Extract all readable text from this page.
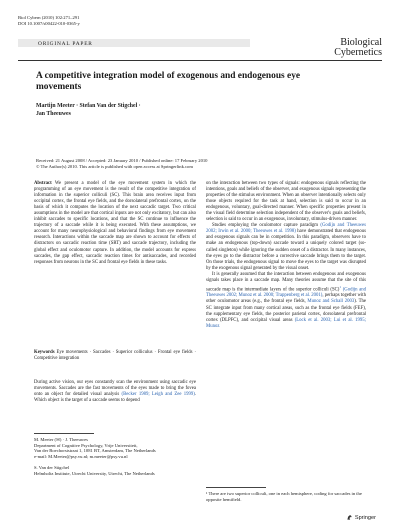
Biol Cybern (2010) 102:271–291
DOI 10.1007/s00422-010-0365-y
ORIGINAL PAPER	Biological
Cybernetics
A competitive integration model of exogenous and endogenous eye
movements
Martijn Meeter · Stefan Van der Stigchel ·
Jan Theeuwes
Received: 21 August 2008 / Accepted: 23 January 2010 / Published online: 17 February 2010
© The Author(s) 2010. This article is published with open access at Springerlink.com

Abstract We present a model of the eye movement system in which the programming of an eye movement is the result of the competitive integration of information in the superior colliculi (SC). This brain area receives input from occipital cortex, the frontal eye fields, and the dorsolateral prefrontal cortex, on the basis of which it computes the location of the next saccadic target. Two critical assumptions in the model are that cortical inputs are not only excitatory, but can also inhibit saccades to specific locations, and that the SC continue to influence the trajectory of a saccade while it is being executed. With these assumptions, we account for many neurophysiological and behavioral findings from eye movement research. Interactions within the saccade map are shown to account for effects of distractors on saccadic reaction time (SRT) and saccade trajectory, including the global effect and oculomotor capture. In addition, the model accounts for express saccades, the gap effect, saccadic reaction times for antisaccades, and recorded responses from neurons in the SC and frontal eye fields in these tasks.

Keywords Eye movements · Saccades · Superior colliculus · Frontal eye fields · Competitive integration

During active vision, our eyes constantly scan the environment using saccadic eye movements. Saccades are the fast movements of the eyes made to bring the fovea onto an object for detailed visual analysis (Becker 1989; Leigh and Zee 1999). Which object is the target of a saccade seems to depend

M. Meeter (✉) · J. Theeuwes
Department of Cognitive Psychology, Vrije Universiteit,
Van der Boechorststraat 1, 1081 BT, Amsterdam, The Netherlands
e-mail: M.Meeter@psy.vu.nl; m.meeter@psy.vu.nl
S. Van der Stigchel
Helmholtz Institute, Utrecht University, Utrecht, The Netherlands

on the interaction between two types of signals: endogenous signals reflecting the intentions, goals and beliefs of the observer, and exogenous signals representing the properties of the stimulus environment. When an observer intentionally selects only those objects required for the task at hand, selection is said to occur in an endogenous, voluntary, goal-directed manner. When specific properties present in the visual field determine selection independent of the observer's goals and beliefs, selection is said to occur in an exogenous, involuntary, stimulus-driven manner.

Studies employing the oculomotor capture paradigm (Godijn and Theeuwes 2002; Irwin et al. 2000; Theeuwes et al. 1998) have demonstrated that endogenous and exogenous signals can be in competition. In this paradigm, observers have to make an endogenous (top-down) saccade toward a uniquely colored target (so-called singleton) while ignoring the sudden onset of a distractor. In many instances, the eyes go to the distractor before a corrective saccade brings them to the target. On those trials, the endogenous signal to move the eyes to the target was disrupted by the exogenous signal generated by the visual onset.

It is generally assumed that the interaction between endogenous and exogenous signals takes place in a saccade map. Many theories assume that the site of this saccade map is the intermediate layers of the superior colliculi (SC)$^1$ (Godijn and Theeuwes 2002; Munoz et al. 2000; Trappenberg et al. 2001), perhaps together with other oculomotor areas (e.g., the frontal eye fields, Munoz and Schall 2003). The SC integrate input from many cortical areas, such as the frontal eye fields (FEF), the supplementary eye fields, the posterior parietal cortex, dorsolateral prefrontal cortex (DLPFC), and occipital visual areas (Lock et al. 2003; Lui et al. 1995; Munoz

¹ There are two superior colliculi, one in each hemisphere, coding for saccades in the opposite hemifield.
Springer
